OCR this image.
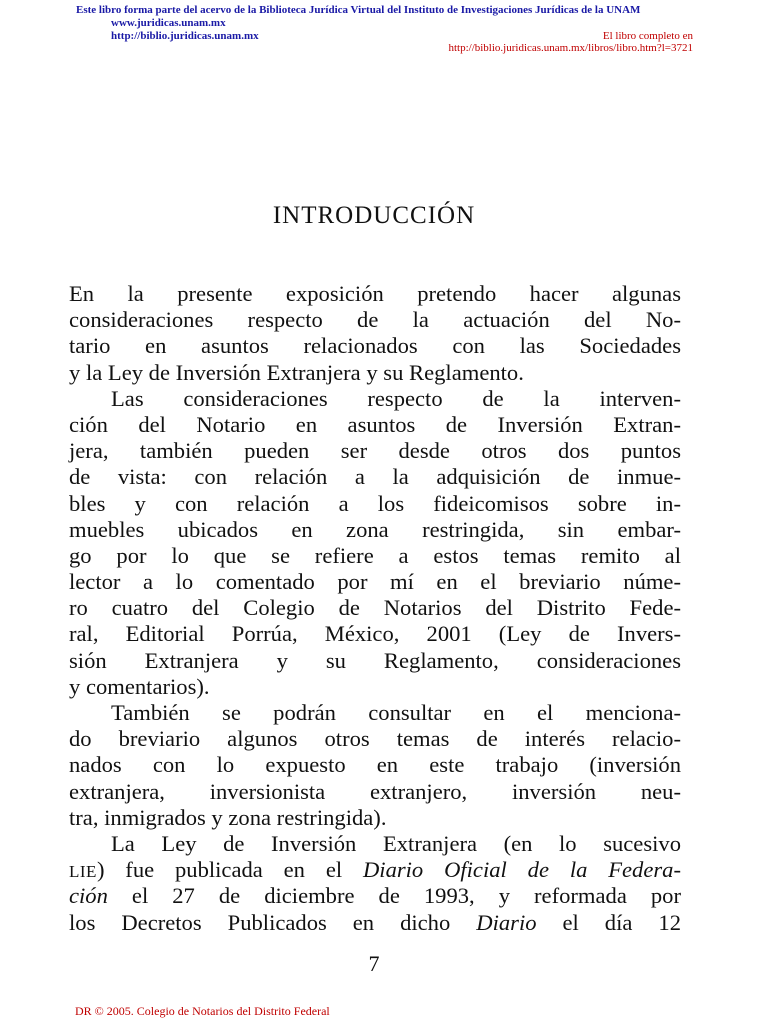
Este libro forma parte del acervo de la Biblioteca Jurídica Virtual del Instituto de Investigaciones Jurídicas de la UNAM
www.juridicas.unam.mx
http://biblio.juridicas.unam.mx	El libro completo en
http://biblio.juridicas.unam.mx/libros/libro.htm?l=3721
INTRODUCCIÓN
En la presente exposición pretendo hacer algunas
consideraciones respecto de la actuación del No-
tario en asuntos relacionados con las Sociedades
y la Ley de Inversión Extranjera y su Reglamento.
Las consideraciones respecto de la interven-
ción del Notario en asuntos de Inversión Extran-
jera, también pueden ser desde otros dos puntos
de vista: con relación a la adquisición de inmue-
bles y con relación a los fideicomisos sobre in-
muebles ubicados en zona restringida, sin embar-
go por lo que se refiere a estos temas remito al
lector a lo comentado por mí en el breviario núme-
ro cuatro del Colegio de Notarios del Distrito Fede-
ral, Editorial Porrúa, México, 2001 (Ley de Invers-
sión Extranjera y su Reglamento, consideraciones
y comentarios).
También se podrán consultar en el menciona-
do breviario algunos otros temas de interés relacio-
nados con lo expuesto en este trabajo (inversión
extranjera, inversionista extranjero, inversión neu-
tra, inmigrados y zona restringida).
La Ley de Inversión Extranjera (en lo sucesivo
LIE) fue publicada en el Diario Oficial de la Federa-
ción el 27 de diciembre de 1993, y reformada por
los Decretos Publicados en dicho Diario el día 12
7
DR © 2005. Colegio de Notarios del Distrito Federal
